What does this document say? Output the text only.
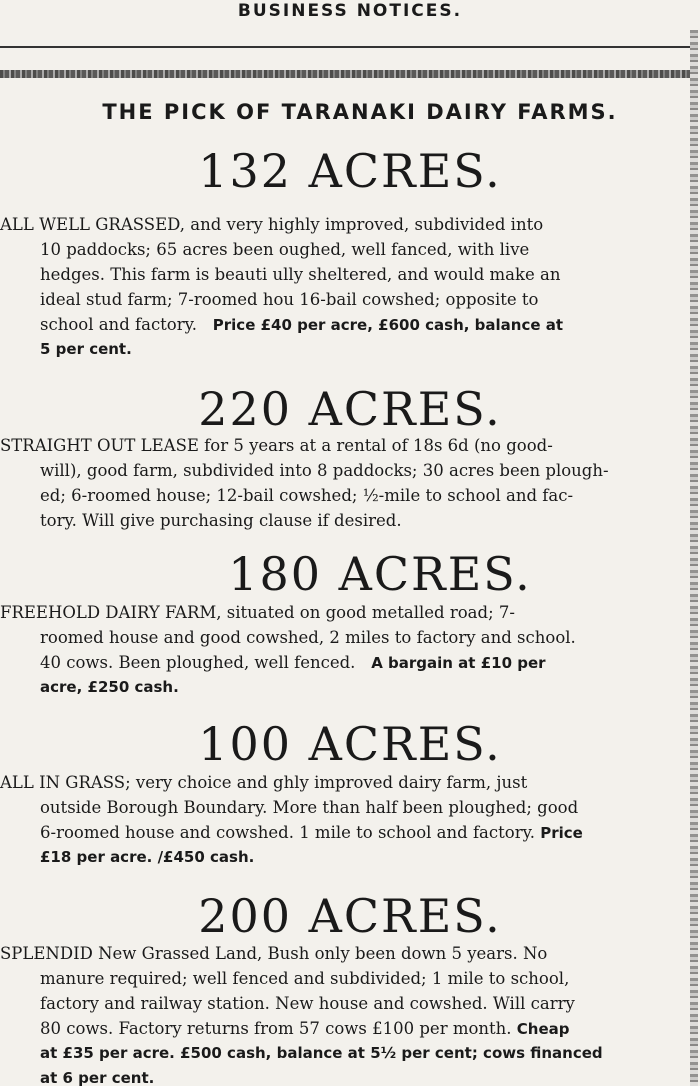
BUSINESS NOTICES.
THE PICK OF TARANAKI DAIRY FARMS.
132 ACRES.
ALL WELL GRASSED, and very highly improved, subdivided into
10 paddocks; 65 acres been oughed, well fanced, with live
hedges. This farm is beauti ully sheltered, and would make an
ideal stud farm; 7-roomed hou 16-bail cowshed; opposite to
school and factory. Price £40 per acre, £600 cash, balance at
5 per cent.
220 ACRES.
STRAIGHT OUT LEASE for 5 years at a rental of 18s 6d (no good-
will), good farm, subdivided into 8 paddocks; 30 acres been plough-
ed; 6-roomed house; 12-bail cowshed; ½-mile to school and fac-
tory. Will give purchasing clause if desired.
180 ACRES.
FREEHOLD DAIRY FARM, situated on good metalled road; 7-
roomed house and good cowshed, 2 miles to factory and school.
40 cows. Been ploughed, well fenced. A bargain at £10 per
acre, £250 cash.
100 ACRES.
ALL IN GRASS; very choice and ghly improved dairy farm, just
outside Borough Boundary. More than half been ploughed; good
6-roomed house and cowshed. 1 mile to school and factory. Price
£18 per acre. /£450 cash.
200 ACRES.
SPLENDID New Grassed Land, Bush only been down 5 years. No
manure required; well fenced and subdivided; 1 mile to school,
factory and railway station. New house and cowshed. Will carry
80 cows. Factory returns from 57 cows £100 per month. Cheap
at £35 per acre. £500 cash, balance at 5½ per cent; cows financed
at 6 per cent.
